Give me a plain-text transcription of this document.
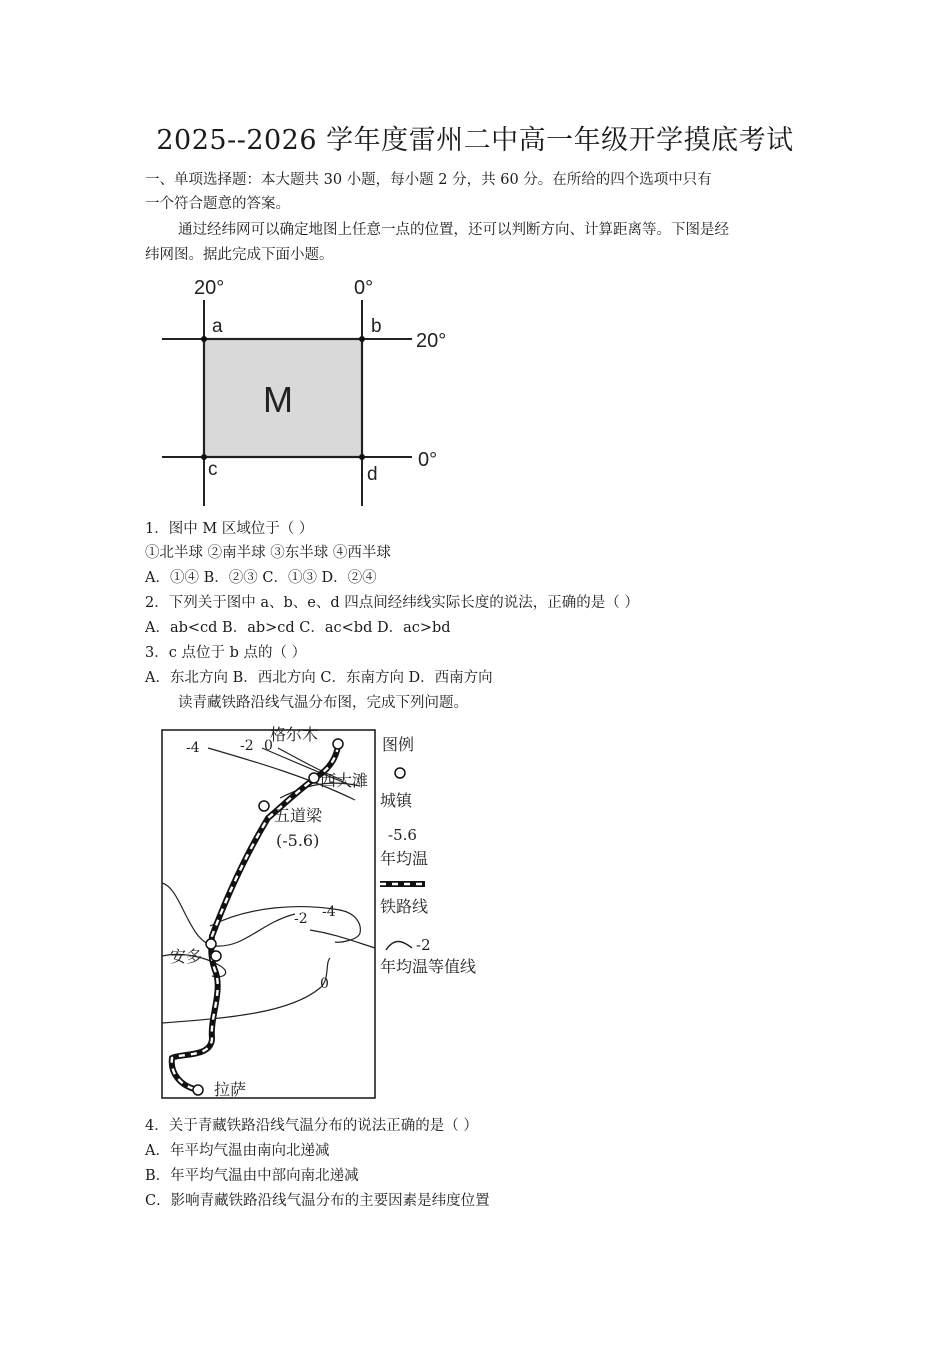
2025--2026 学年度雷州二中高一年级开学摸底考试
一、单项选择题：本大题共 30 小题，每小题 2 分，共 60 分。在所给的四个选项中只有
一个符合题意的答案。
通过经纬网可以确定地图上任意一点的位置，还可以判断方向、计算距离等。下图是经
纬网图。据此完成下面小题。
20°	0°
20°
0°
M
a	b
c	d
1．图中 M 区域位于（ ）
①北半球 ②南半球 ③东半球 ④西半球
A．①④ B．②③ C．①③ D．②④
2．下列关于图中 a、b、e、d 四点间经纬线实际长度的说法，正确的是（ ）
A．ab<cd B．ab>cd C．ac<bd D．ac>bd
3．c 点位于 b 点的（ ）
A．东北方向 B．西北方向 C．东南方向 D．西南方向
读青藏铁路沿线气温分布图，完成下列问题。
格尔木
西大滩
五道梁
(-5.6)
安多
拉萨
-4	-2 0
-2 -4
0
图例
城镇
-5.6
年均温
铁路线
-2
年均温等值线
4．关于青藏铁路沿线气温分布的说法正确的是（ ）
A．年平均气温由南向北递减
B．年平均气温由中部向南北递减
C．影响青藏铁路沿线气温分布的主要因素是纬度位置
